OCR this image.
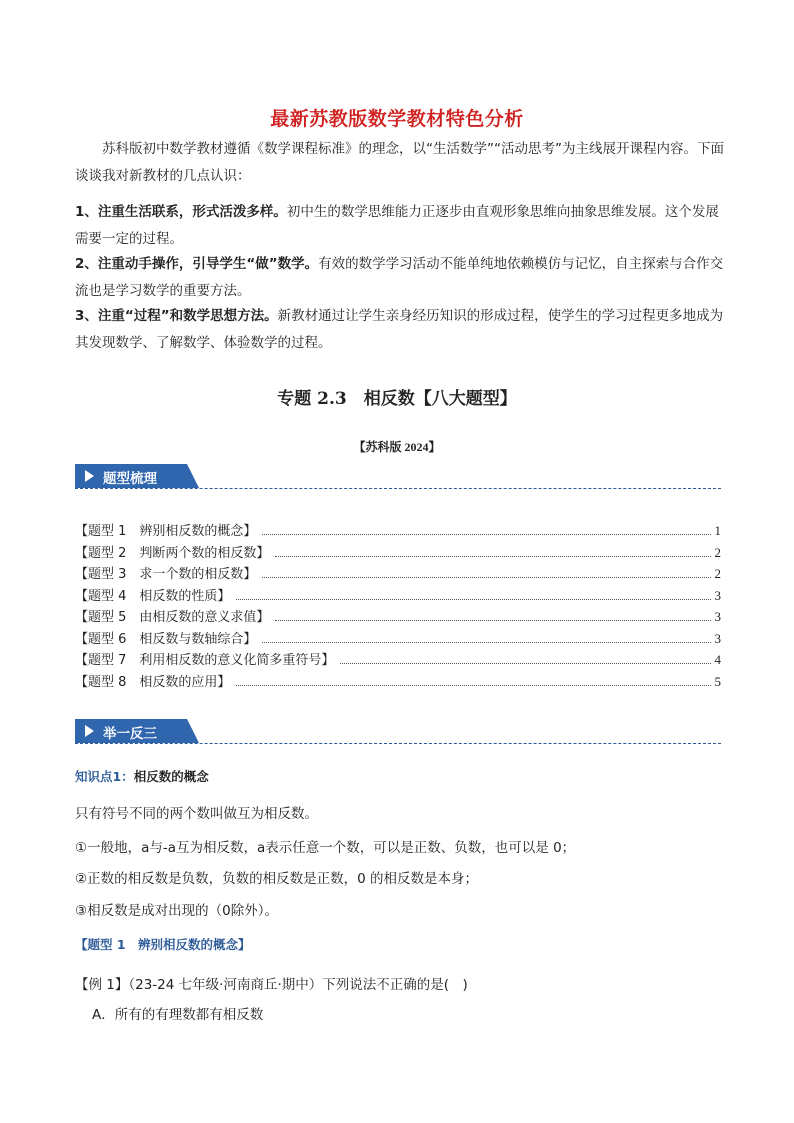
最新苏教版数学教材特色分析
苏科版初中数学教材遵循《数学课程标准》的理念，以“生活数学”“活动思考”为主线展开课程内容。下面谈谈我对新教材的几点认识：
1、注重生活联系，形式活泼多样。初中生的数学思维能力正逐步由直观形象思维向抽象思维发展。这个发展需要一定的过程。
2、注重动手操作，引导学生“做”数学。有效的数学学习活动不能单纯地依赖模仿与记忆，自主探索与合作交流也是学习数学的重要方法。
3、注重“过程”和数学思想方法。新教材通过让学生亲身经历知识的形成过程，使学生的学习过程更多地成为其发现数学、了解数学、体验数学的过程。
专题 2.3　相反数【八大题型】
【苏科版 2024】
题型梳理
【题型 1　辨别相反数的概念】	1
【题型 2　判断两个数的相反数】	2
【题型 3　求一个数的相反数】	2
【题型 4　相反数的性质】	3
【题型 5　由相反数的意义求值】	3
【题型 6　相反数与数轴综合】	3
【题型 7　利用相反数的意义化简多重符号】	4
【题型 8　相反数的应用】	5
举一反三
知识点1：相反数的概念
只有符号不同的两个数叫做互为相反数。
①一般地，a与-a互为相反数，a表示任意一个数，可以是正数、负数，也可以是 0；
②正数的相反数是负数，负数的相反数是正数，0 的相反数是本身；
③相反数是成对出现的（0除外）。
【题型 1　辨别相反数的概念】
【例 1】（23-24 七年级·河南商丘·期中）下列说法不正确的是(　)
A．所有的有理数都有相反数
